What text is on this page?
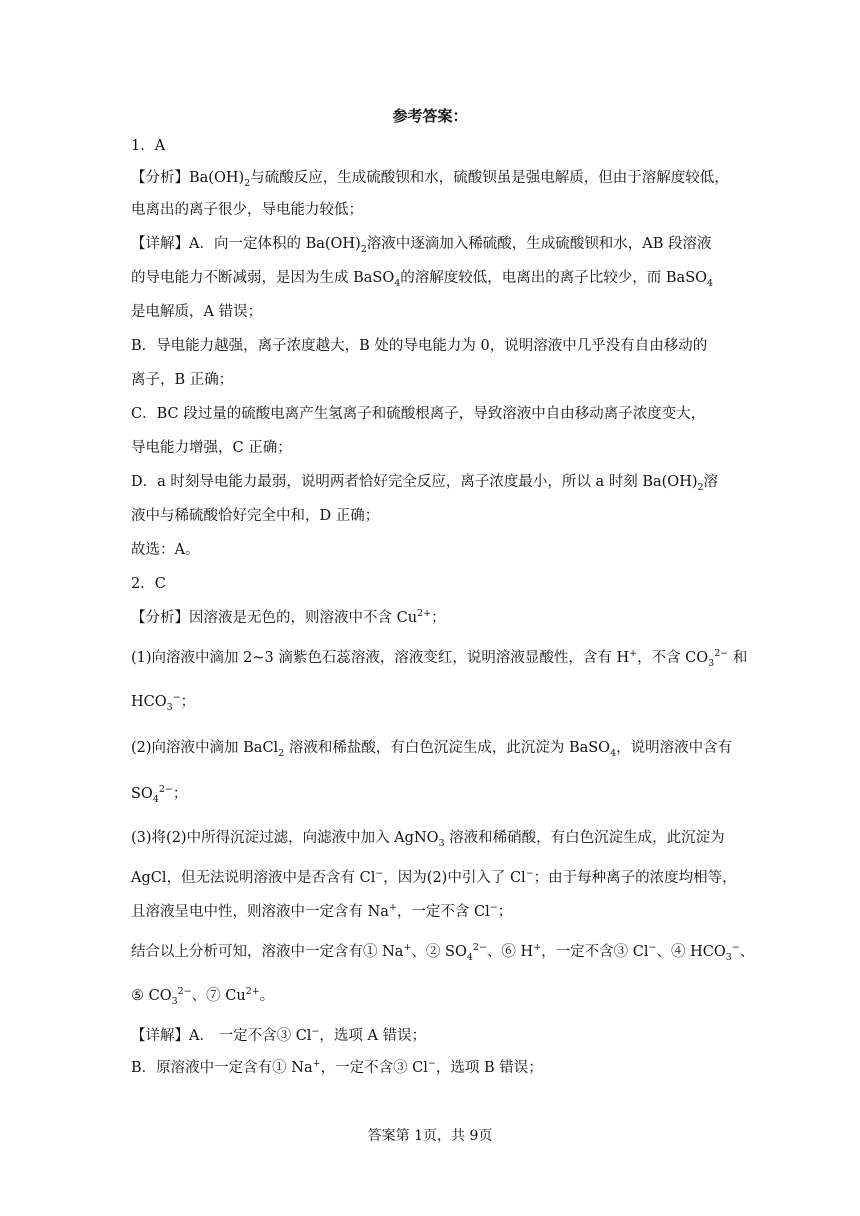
参考答案：
1．A
【分析】$Ba(OH)_2$与硫酸反应，生成硫酸钡和水，硫酸钡虽是强电解质，但由于溶解度较低，
电离出的离子很少，导电能力较低；
【详解】A．向一定体积的 $Ba(OH)_2$溶液中逐滴加入稀硫酸，生成硫酸钡和水，AB 段溶液
的导电能力不断减弱，是因为生成 BaSO$_4$的溶解度较低，电离出的离子比较少，而 BaSO$_4$
是电解质，A 错误；
B．导电能力越强，离子浓度越大，B 处的导电能力为 0，说明溶液中几乎没有自由移动的
离子，B 正确；
C．BC 段过量的硫酸电离产生氢离子和硫酸根离子，导致溶液中自由移动离子浓度变大，
导电能力增强，C 正确；
D．a 时刻导电能力最弱，说明两者恰好完全反应，离子浓度最小，所以 a 时刻 $Ba(OH)_2$溶
液中与稀硫酸恰好完全中和，D 正确；
故选：A。
2．C
【分析】因溶液是无色的，则溶液中不含 $Cu^{2+}$；
(1)向溶液中滴加 2~3 滴紫色石蕊溶液，溶液变红，说明溶液显酸性，含有 H+，不含 $CO_3^{2-}$ 和
$HCO_3^-$；
(2)向溶液中滴加 BaCl$_2$ 溶液和稀盐酸，有白色沉淀生成，此沉淀为 BaSO$_4$，说明溶液中含有
$SO_4^{2-}$；
(3)将(2)中所得沉淀过滤，向滤液中加入 AgNO$_3$ 溶液和稀硝酸，有白色沉淀生成，此沉淀为
AgCl，但无法说明溶液中是否含有 Cl−，因为(2)中引入了 Cl−；由于每种离子的浓度均相等，
且溶液呈电中性，则溶液中一定含有 Na+，一定不含 Cl−；
结合以上分析可知，溶液中一定含有① Na+、② $SO_4^{2-}$、⑥ H+，一定不含③ Cl−、④ $HCO_3^-$、
⑤ $CO_3^{2-}$、⑦ $Cu^{2+}$。
【详解】A． 一定不含③ Cl−，选项 A 错误；
B．原溶液中一定含有① Na+，一定不含③ Cl−，选项 B 错误；
答案第 1页，共 9页
